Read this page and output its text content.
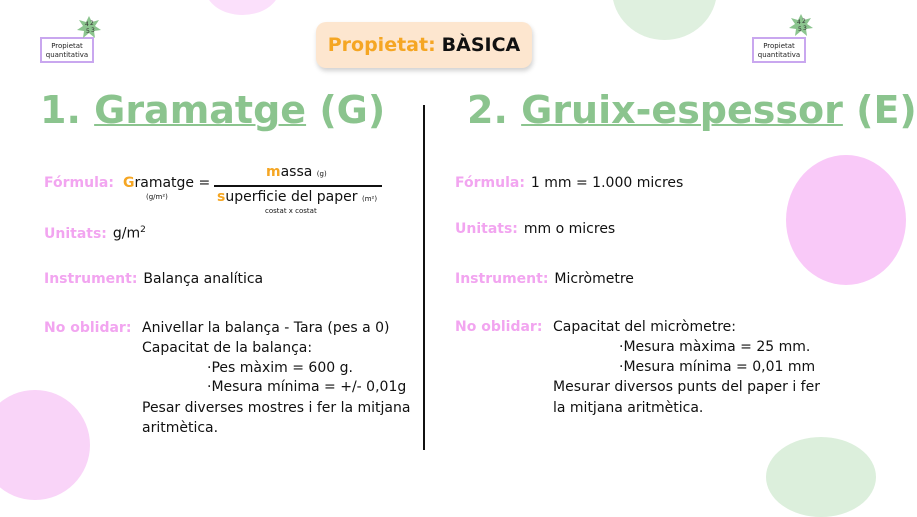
Propietat
quantitativa
4 2
5 3
Propietat
quantitativa
4 2
5 3
Propietat: BÀSICA
1. Gramatge (G)
Fórmula: Gramatge =
(g/m²)
massa (g)
superficie del paper (m²)
costat x costat
Unitats: $g/m^2$
Instrument: Balança analítica
No oblidar: Anivellar la balança - Tara (pes a 0)
Capacitat de la balança:
·Pes màxim = 600 g.
·Mesura mínima = +/- 0,01g
Pesar diverses mostres i fer la mitjana
aritmètica.
2. Gruix-espessor (E)
Fórmula: 1 mm = 1.000 micres
Unitats: mm o micres
Instrument: Micròmetre
No oblidar: Capacitat del micròmetre:
·Mesura màxima = 25 mm.
·Mesura mínima = 0,01 mm
Mesurar diversos punts del paper i fer
la mitjana aritmètica.
